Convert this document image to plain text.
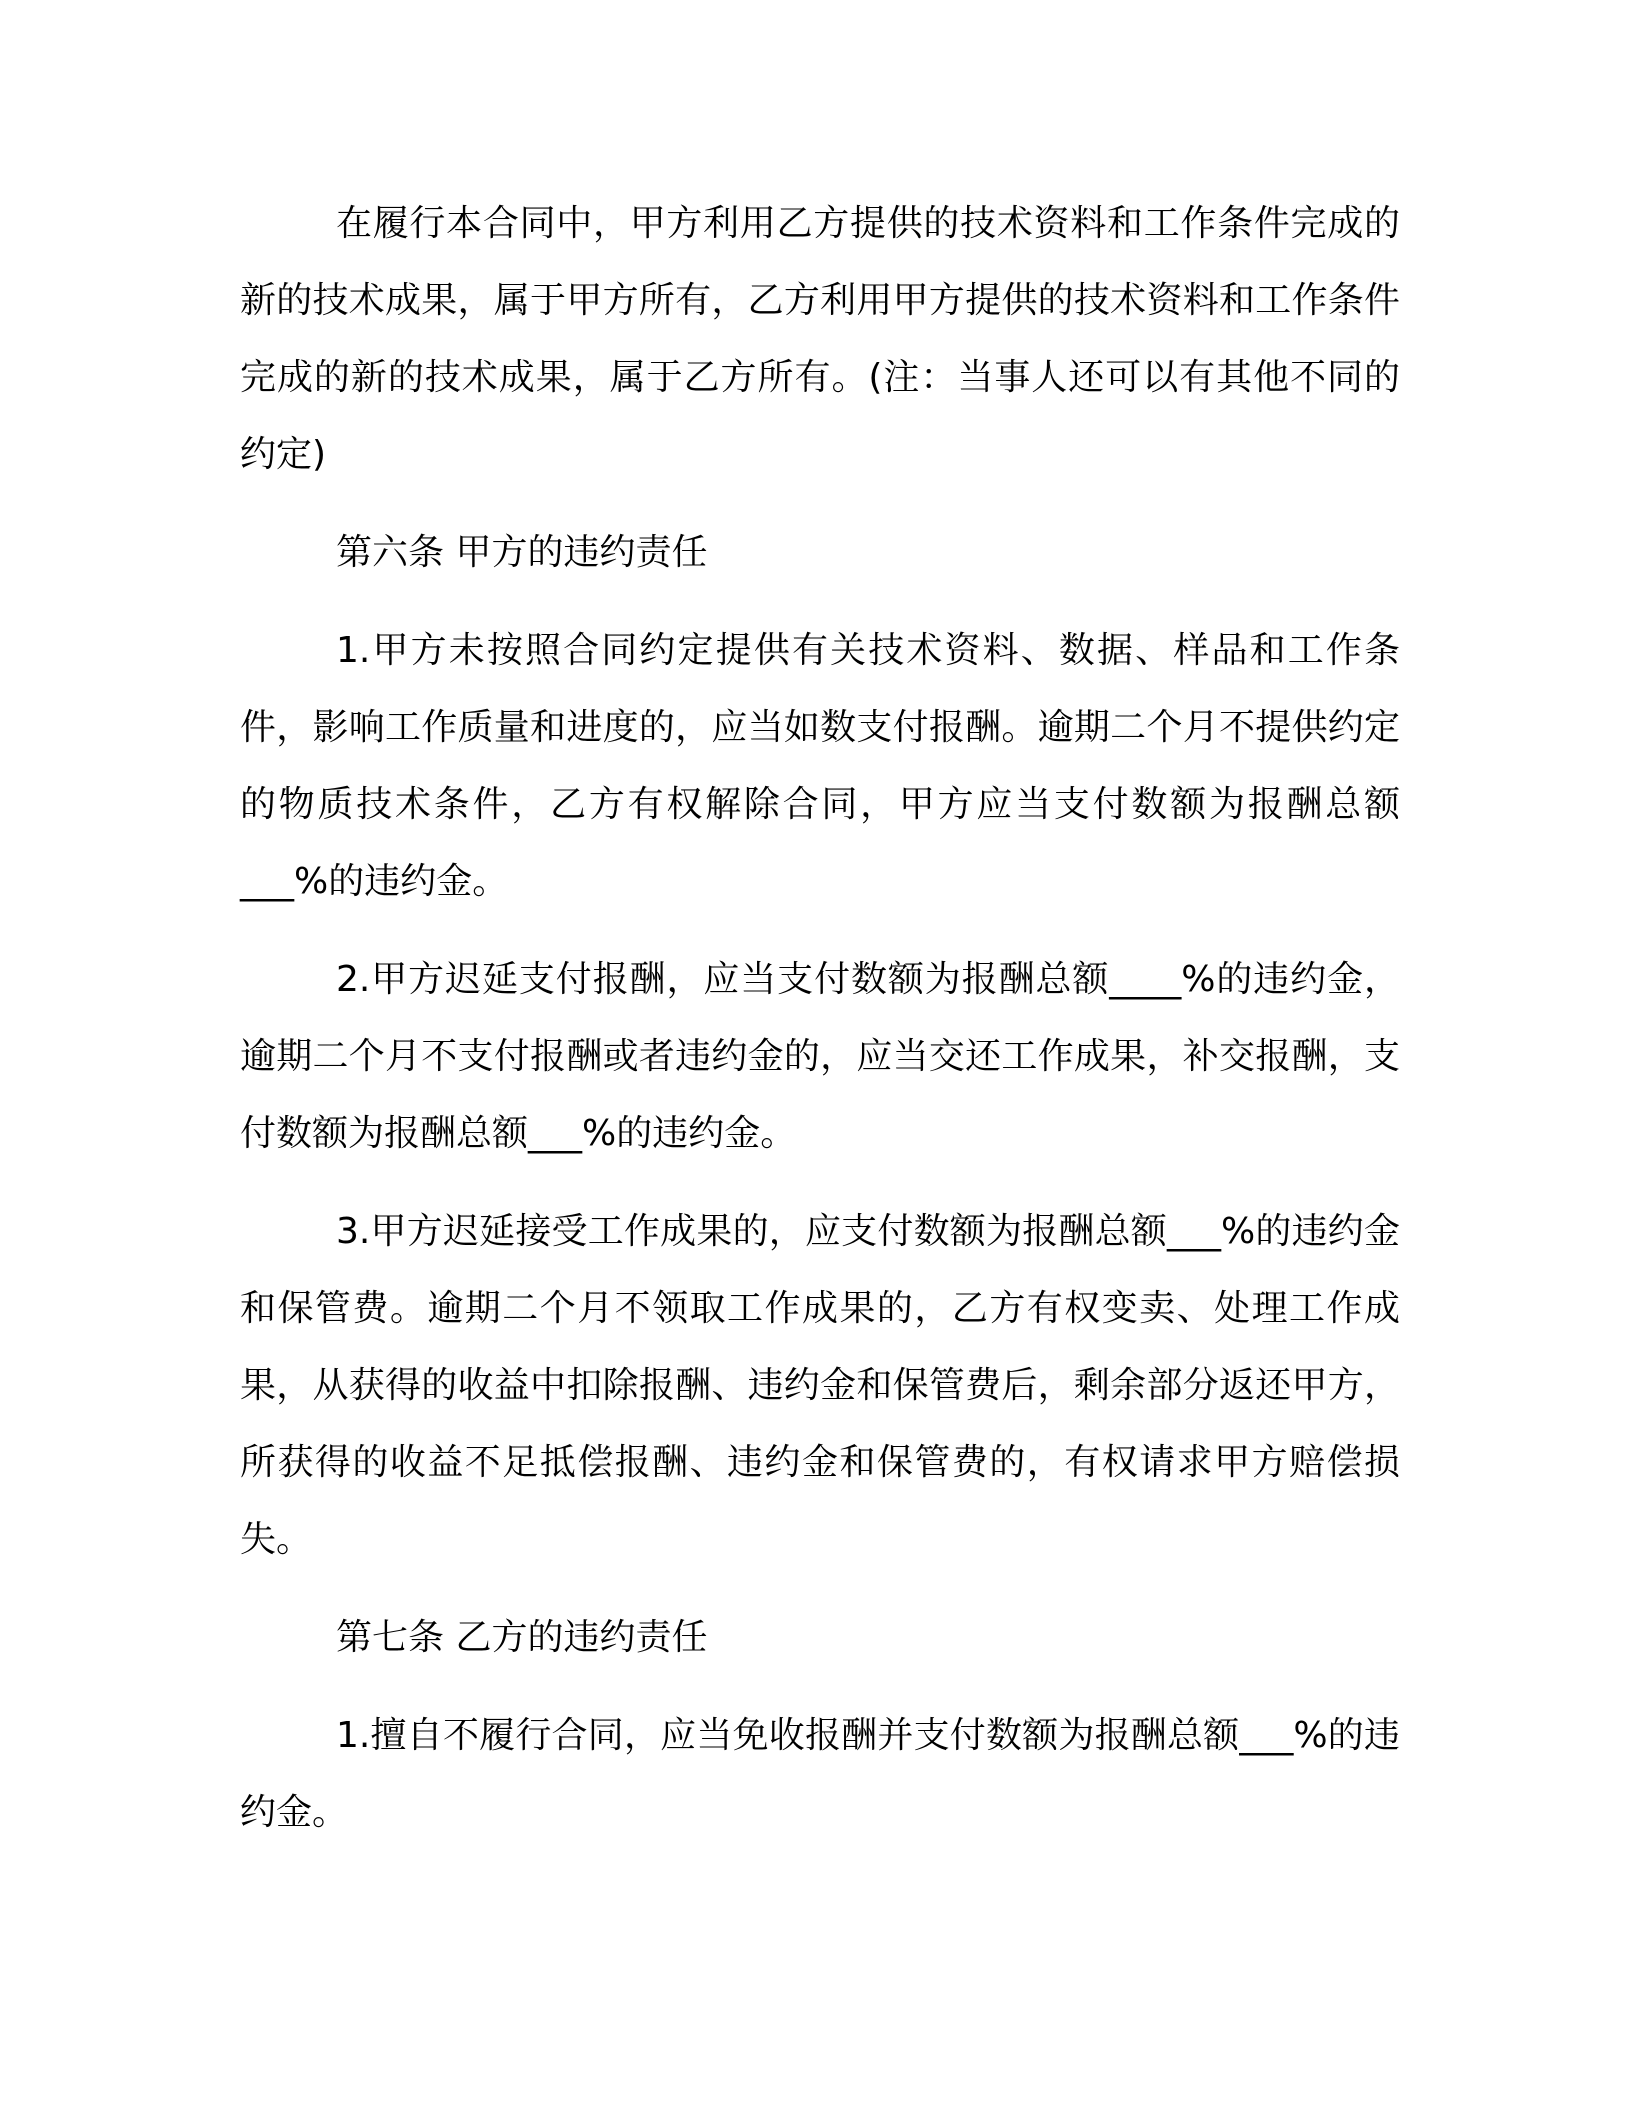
在履行本合同中，甲方利用乙方提供的技术资料和工作条件完成的新的技术成果，属于甲方所有，乙方利用甲方提供的技术资料和工作条件完成的新的技术成果，属于乙方所有。(注：当事人还可以有其他不同的约定)

第六条 甲方的违约责任

1.甲方未按照合同约定提供有关技术资料、数据、样品和工作条件，影响工作质量和进度的，应当如数支付报酬。逾期二个月不提供约定的物质技术条件，乙方有权解除合同，甲方应当支付数额为报酬总额___%的违约金。

2.甲方迟延支付报酬，应当支付数额为报酬总额____%的违约金，逾期二个月不支付报酬或者违约金的，应当交还工作成果，补交报酬，支付数额为报酬总额___%的违约金。

3.甲方迟延接受工作成果的，应支付数额为报酬总额___%的违约金和保管费。逾期二个月不领取工作成果的，乙方有权变卖、处理工作成果，从获得的收益中扣除报酬、违约金和保管费后，剩余部分返还甲方，所获得的收益不足抵偿报酬、违约金和保管费的，有权请求甲方赔偿损失。

第七条 乙方的违约责任

1.擅自不履行合同，应当免收报酬并支付数额为报酬总额___%的违约金。
